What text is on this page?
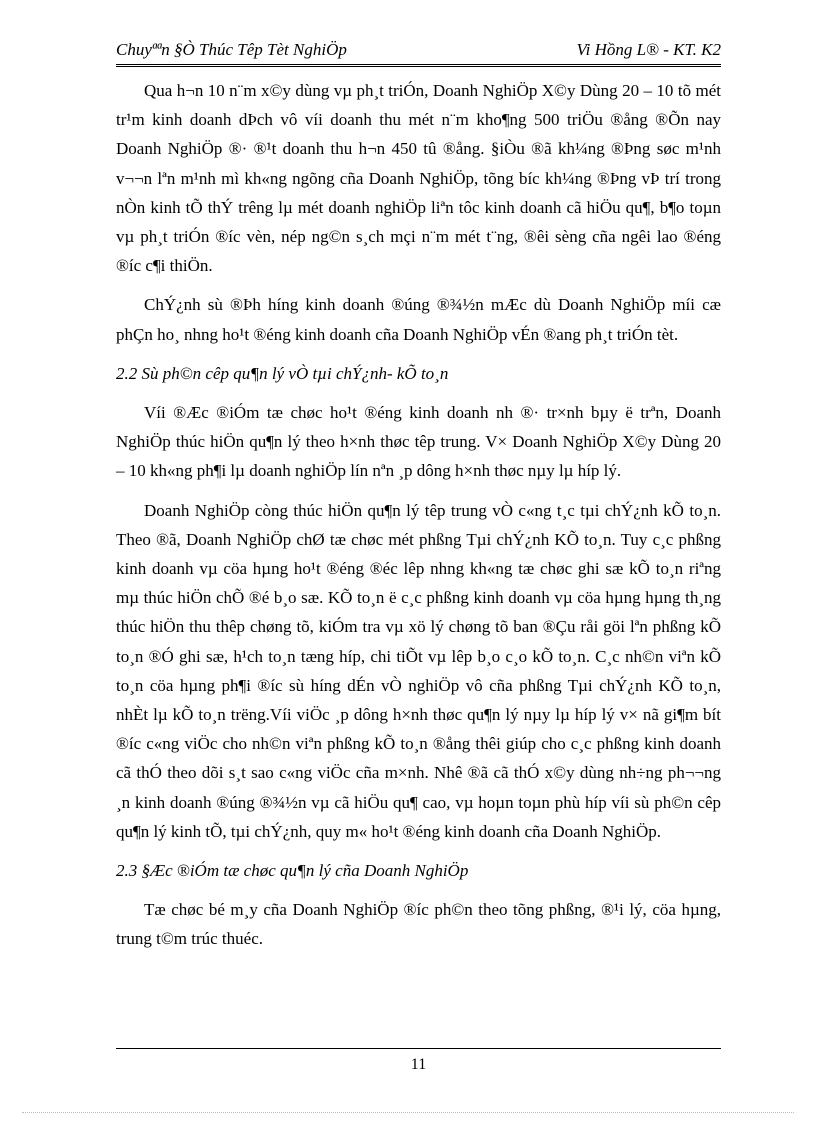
Chuyªªn §Ò Thúc Têp Tèt NghiÖp	Vi Hồng L® - KT. K2

Qua h¬n 10 n¨m x©y dùng vµ ph¸t triÓn, Doanh NghiÖp X©y Dùng 20 – 10 tõ mét tr¹m kinh doanh dÞch vô víi doanh thu mét n¨m kho¶ng 500 triÖu ®ång ®Õn nay Doanh NghiÖp ®· ®¹t doanh thu h¬n 450 tû ®ång. §iÒu ®ã kh¼ng ®Þng søc m¹nh v¬¬n lªn m¹nh mì kh«ng ngõng cña Doanh NghiÖp, tõng bíc kh¼ng ®Þng vÞ trí trong nÒn kinh tÕ thÝ trêng lµ mét doanh nghiÖp liªn tôc kinh doanh cã hiÖu qu¶, b¶o toµn vµ ph¸t triÓn ®íc vèn, nép ng©n s¸ch mçi n¨m mét t¨ng, ®êi sèng cña ngêi lao ®éng ®íc c¶i thiÖn.

ChÝ¿nh sù ®Þh híng kinh doanh ®úng ®¾½n mÆc dù Doanh NghiÖp míi cæ phÇn ho¸ nhng ho¹t ®éng kinh doanh cña Doanh NghiÖp vÉn ®ang ph¸t triÓn tèt.

2.2 Sù ph©n cêp qu¶n lý vÒ tµi chÝ¿nh- kÕ to¸n

Víi ®Æc ®iÓm tæ chøc ho¹t ®éng kinh doanh nh ®· tr×nh bµy ë trªn, Doanh NghiÖp thúc hiÖn qu¶n lý theo h×nh thøc têp trung. V× Doanh NghiÖp X©y Dùng 20 – 10 kh«ng ph¶i lµ doanh nghiÖp lín nªn ¸p dông h×nh thøc nµy lµ híp lý.

Doanh NghiÖp còng thúc hiÖn qu¶n lý têp trung vÒ c«ng t¸c tµi chÝ¿nh kÕ to¸n. Theo ®ã, Doanh NghiÖp chØ tæ chøc mét phßng Tµi chÝ¿nh KÕ to¸n. Tuy c¸c phßng kinh doanh vµ cöa hµng ho¹t ®éng ®éc lêp nhng kh«ng tæ chøc ghi sæ kÕ to¸n riªng mµ thúc hiÖn chÕ ®é b¸o sæ. KÕ to¸n ë c¸c phßng kinh doanh vµ cöa hµng hµng th¸ng thúc hiÖn thu thêp chøng tõ, kiÓm tra vµ xö lý chøng tõ ban ®Çu råi göi lªn phßng kÕ to¸n ®Ó ghi sæ, h¹ch to¸n tæng híp, chi tiÕt vµ lêp b¸o c¸o kÕ to¸n. C¸c nh©n viªn kÕ to¸n cöa hµng ph¶i ®íc sù híng dÉn vÒ nghiÖp vô cña phßng Tµi chÝ¿nh KÕ to¸n, nhÈt lµ kÕ to¸n trëng.Víi viÖc ¸p dông h×nh thøc qu¶n lý nµy lµ híp lý v× nã gi¶m bít ®íc c«ng viÖc cho nh©n viªn phßng kÕ to¸n ®ång thêi giúp cho c¸c phßng kinh doanh cã thÓ theo dõi s¸t sao c«ng viÖc cña m×nh. Nhê ®ã cã thÓ x©y dùng nh÷ng ph¬¬ng ¸n kinh doanh ®úng ®¾½n vµ cã hiÖu qu¶ cao, vµ hoµn toµn phù híp víi sù ph©n cêp qu¶n lý kinh tÕ, tµi chÝ¿nh, quy m« ho¹t ®éng kinh doanh cña Doanh NghiÖp.

2.3 §Æc ®iÓm tæ chøc qu¶n lý cña Doanh NghiÖp

Tæ chøc bé m¸y cña Doanh NghiÖp ®íc ph©n theo tõng phßng, ®¹i lý, cöa hµng, trung t©m trúc thuéc.

11
